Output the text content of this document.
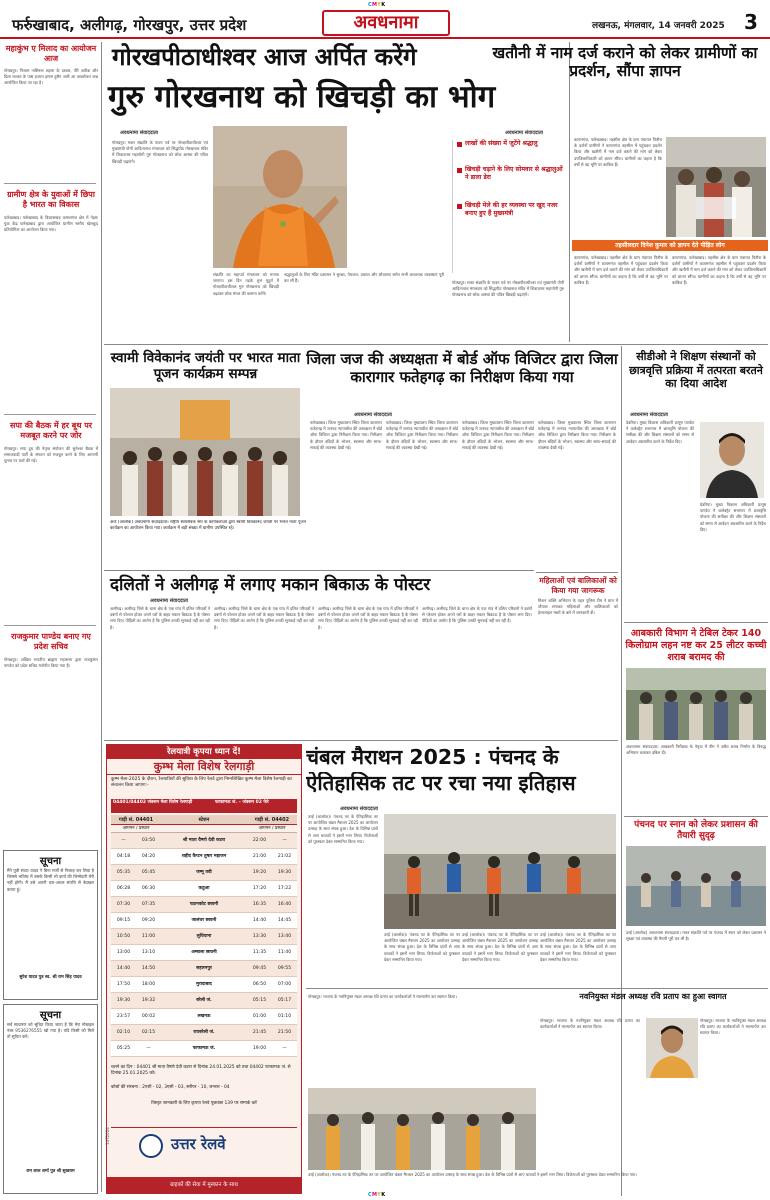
CMYK
फर्रुखाबाद, अलीगढ़, गोरखपुर, उत्तर प्रदेश	अवधनामा	लखनऊ, मंगलवार, 14 जनवरी 2025 3
महाकुंभ ए मिलाद का आयोजन आज
गोरखपुर। निजाम नासिरुल शहला के दरबार, पीरे अतीक और दिला लश्कर के पास हजरत इमाम हुसैन अली आ अवलोकन जश्न आयोजित किया जा रहा है।
ग्रामीण क्षेत्र के युवाओं में छिपा है भारत का विकास
फर्रुखाबाद। फर्रुखाबाद के विकासखंड कमालगंज क्षेत्र में नेहरू युवा केंद्र फर्रुखाबाद द्वारा आयोजित ग्रामीण स्तरीय खेलकूद प्रतियोगिता का आयोजन किया गया।
सपा की बैठक में हर बूथ पर मजबूत करने पर जोर
गोरखपुर। सपा दूथ की नेतृत्व संयोजन की सुनेश्वर बैठक में समाजवादी पार्टी के संगठन को मजबूत करने के लिए आगामी चुनाव पर चर्चा की गई।
राजकुमार पाण्डेय बनाए गए प्रदेश सचिव
गोरखपुर। अखिल भारतीय ब्राह्मण महासभा द्वारा राजकुमार पाण्डेय को प्रदेश सचिव मनोनीत किया गया है।
सूचना
मैंने पुत्री संध्या यादव ने बिना मर्जी से निकाह कर लिया है जिससे भविष्य में उसके किसी भी कार्य की जिम्मेदारी मेरी नहीं होगी। मैं उसे अपनी चल-अचल संपत्ति से बेदखल करता हूं।
सुरेश यादव पुत्र स्व. श्री राम सिंह यादव
सूचना
सर्व साधारण को सूचित किया जाता है कि मेरा मोबाइल नंबर 9536276555 खो गया है। यदि किसी को मिले तो सूचित करें।
राम लाल शर्मा पुत्र श्री सुखराम
गोरखपीठाधीश्वर आज अर्पित करेंगे
गुरु गोरखनाथ को खिचड़ी का भोग
अवधनामा संवाददाता
लाखों की संख्या में जुटेंगे श्रद्धालु
खिचड़ी चढ़ाने के लिए सोमवार से श्रद्धालुओं ने डाला डेरा
खिचड़ी मेले की हर व्यवस्था पर खुद नजर बनाए हुए हैं मुख्यमंत्री
गोरखपुर। मकर संक्रांति के पावन पर्व पर गोरक्षपीठाधीश्वर एवं मुख्यमंत्री योगी आदित्यनाथ मंगलवार को सिद्धपीठ गोरखनाथ मंदिर में शिवावतार महायोगी गुरु गोरखनाथ को लोक आस्था की पवित्र खिचड़ी चढ़ाएंगे।
संक्रांति का महापर्व मंगलवार को मनाया जाएगा। इस दिन तड़के शुभ मुहूर्त में गोरक्षपीठाधीश्वर गुरु गोरखनाथ को खिचड़ी चढ़ाकर लोक मंगल की कामना करेंगे।
श्रद्धालुओं के लिए मंदिर प्रशासन ने सुरक्षा, पेयजल, प्रकाश और शौचालय समेत सभी आवश्यक व्यवस्थाएं पूरी कर ली हैं।	गोरखपुर। मकर संक्रांति के पावन पर्व पर गोरक्षपीठाधीश्वर एवं मुख्यमंत्री योगी आदित्यनाथ मंगलवार को सिद्धपीठ गोरखनाथ मंदिर में शिवावतार महायोगी गुरु गोरखनाथ को लोक आस्था की पवित्र खिचड़ी चढ़ाएंगे।
खतौनी में नाम दर्ज कराने को लेकर ग्रामीणों का प्रदर्शन, सौंपा ज्ञापन
अवधनामा संवाददाता
कायमगंज, फर्रुखाबाद। तहसील क्षेत्र के ग्राम पंचायत पितौरा के दर्जनों ग्रामीणों ने कायमगंज तहसील में पहुंचकर प्रदर्शन किया और खतौनी में नाम दर्ज कराने की मांग को लेकर उपजिलाधिकारी को ज्ञापन सौंपा। ग्रामीणों का कहना है कि वर्षों से वह भूमि पर काबिज हैं।
तहसीलदार दिनेश कुमार को ज्ञापन देते पीड़ित लोग
कायमगंज, फर्रुखाबाद। तहसील क्षेत्र के ग्राम पंचायत पितौरा के दर्जनों ग्रामीणों ने कायमगंज तहसील में पहुंचकर प्रदर्शन किया और खतौनी में नाम दर्ज कराने की मांग को लेकर उपजिलाधिकारी को ज्ञापन सौंपा। ग्रामीणों का कहना है कि वर्षों से वह भूमि पर काबिज हैं।
कायमगंज, फर्रुखाबाद। तहसील क्षेत्र के ग्राम पंचायत पितौरा के दर्जनों ग्रामीणों ने कायमगंज तहसील में पहुंचकर प्रदर्शन किया और खतौनी में नाम दर्ज कराने की मांग को लेकर उपजिलाधिकारी को ज्ञापन सौंपा। ग्रामीणों का कहना है कि वर्षों से वह भूमि पर काबिज हैं।
स्वामी विवेकानंद जयंती पर भारत माता पूजन कार्यक्रम सम्पन्न
अर्ज (आलोक) अवधनामा संवाददाता। राष्ट्रीय स्वयंसेवक संघ के कार्यकर्ताओं द्वारा स्वामी विवेकानंद जयंती पर भारत माता पूजन कार्यक्रम का आयोजन किया गया। कार्यक्रम में बड़ी संख्या में ग्रामीण उपस्थित रहे।
जिला जज की अध्यक्षता में बोर्ड ऑफ विजिटर द्वारा जिला कारागार फतेहगढ़ का निरीक्षण किया गया
अवधनामा संवाददाता
फर्रुखाबाद। जिला मुख्यालय स्थित जिला कारागार फतेहगढ़ में जनपद न्यायाधीश की अध्यक्षता में बोर्ड ऑफ विजिटर द्वारा निरीक्षण किया गया। निरीक्षण के दौरान बंदियों के भोजन, स्वास्थ्य और साफ-सफाई की व्यवस्था देखी गई।
फर्रुखाबाद। जिला मुख्यालय स्थित जिला कारागार फतेहगढ़ में जनपद न्यायाधीश की अध्यक्षता में बोर्ड ऑफ विजिटर द्वारा निरीक्षण किया गया। निरीक्षण के दौरान बंदियों के भोजन, स्वास्थ्य और साफ-सफाई की व्यवस्था देखी गई।
फर्रुखाबाद। जिला मुख्यालय स्थित जिला कारागार फतेहगढ़ में जनपद न्यायाधीश की अध्यक्षता में बोर्ड ऑफ विजिटर द्वारा निरीक्षण किया गया। निरीक्षण के दौरान बंदियों के भोजन, स्वास्थ्य और साफ-सफाई की व्यवस्था देखी गई।
फर्रुखाबाद। जिला मुख्यालय स्थित जिला कारागार फतेहगढ़ में जनपद न्यायाधीश की अध्यक्षता में बोर्ड ऑफ विजिटर द्वारा निरीक्षण किया गया। निरीक्षण के दौरान बंदियों के भोजन, स्वास्थ्य और साफ-सफाई की व्यवस्था देखी गई।
महिलाओं एवं बालिकाओं को किया गया जागरूक
मिशन शक्ति अभियान के तहत पुलिस टीम ने ग्राम में चौपाल लगाकर महिलाओं और बालिकाओं को हेल्पलाइन नंबरों के बारे में जानकारी दी।
सीडीओ ने शिक्षण संस्थानों को छात्रवृत्ति प्रक्रिया में तत्परता बरतने का दिया आदेश
अवधनामा संवाददाता
देवरिया। मुख्य विकास अधिकारी प्रत्यूष पाण्डेय ने कलेक्ट्रेट सभागार में छात्रवृत्ति योजना की समीक्षा की और शिक्षण संस्थानों को समय से आवेदन अग्रसारित करने के निर्देश दिए।
देवरिया। मुख्य विकास अधिकारी प्रत्यूष पाण्डेय ने कलेक्ट्रेट सभागार में छात्रवृत्ति योजना की समीक्षा की और शिक्षण संस्थानों को समय से आवेदन अग्रसारित करने के निर्देश दिए।
आबकारी विभाग ने टेबिल टेकर 140 किलोग्राम लहन नष्ट कर 25 लीटर कच्ची शराब बरामद की
अवधनामा संवाददाता। आबकारी निरीक्षक के नेतृत्व में टीम ने अवैध शराब निर्माण के विरुद्ध अभियान चलाकर दबिश दी।
दलितों ने अलीगढ़ में लगाए मकान बिकाऊ के पोस्टर
अवधनामा संवाददाता
अलीगढ़। अलीगढ़ जिले के थाना क्षेत्र के एक गांव में दलित परिवारों ने दबंगों से परेशान होकर अपने घरों के बाहर मकान बिकाऊ है के पोस्टर लगा दिए। पीड़ितों का आरोप है कि पुलिस उनकी सुनवाई नहीं कर रही है।
अलीगढ़। अलीगढ़ जिले के थाना क्षेत्र के एक गांव में दलित परिवारों ने दबंगों से परेशान होकर अपने घरों के बाहर मकान बिकाऊ है के पोस्टर लगा दिए। पीड़ितों का आरोप है कि पुलिस उनकी सुनवाई नहीं कर रही है।
अलीगढ़। अलीगढ़ जिले के थाना क्षेत्र के एक गांव में दलित परिवारों ने दबंगों से परेशान होकर अपने घरों के बाहर मकान बिकाऊ है के पोस्टर लगा दिए। पीड़ितों का आरोप है कि पुलिस उनकी सुनवाई नहीं कर रही है।
अलीगढ़। अलीगढ़ जिले के थाना क्षेत्र के एक गांव में दलित परिवारों ने दबंगों से परेशान होकर अपने घरों के बाहर मकान बिकाऊ है के पोस्टर लगा दिए। पीड़ितों का आरोप है कि पुलिस उनकी सुनवाई नहीं कर रही है।
रेलयात्री कृपया ध्यान दें!
कुम्भ मेला विशेष रेलगाड़ी
कुम्भ मेला-2025 के दौरान, रेलयात्रियों की सुविधा के लिए रेलवे द्वारा निम्नलिखित कुम्भ मेला विशेष रेलगाड़ी का संचालन किया जाएगा:-
04401/04402 जंक्शन मेला विशेष रेलगाड़ी	फाफामऊ जं. – जंक्शन 02 फेरे
गाड़ी सं. 04401	स्टेशन	गाड़ी सं. 04402
आगमन / प्रस्थान	आगमन / प्रस्थान
—	03:50	श्री माता वैष्णो देवी कटरा	22:00	—
04:18	04:20	शहीद कैप्टन तुषार महाजन	21:00	21:02
05:35	05:45	जम्मू तवी	19:20	19:30
06:28	06:30	कठुआ	17:20	17:22
07:30	07:35	पठानकोट छावनी	16:35	16:40
09:15	09:20	जालंधर छावनी	14:40	14:45
10:50	11:00	लुधियाना	13:30	13:40
13:00	13:10	अम्बाला छावनी	11:35	11:40
14:40	14:50	सहारनपुर	09:45	09:55
17:50	18:00	मुरादाबाद	06:50	07:00
19:30	19:32	बरेली जं.	05:15	05:17
23:57	00:02	लखनऊ	01:00	01:10
02:10	02:15	रायबरेली जं.	21:45	21:50
05:25	—	फाफामऊ जं.	19:00	—
चलने का दिन : 04401 श्री माता वैष्णो देवी कटरा से दिनांक 24.01.2025 को तथा 04402 फाफामऊ जं. से दिनांक 25.01.2025 को।
कोचों की संरचना : 2एसी - 02, 3एसी - 03, स्लीपर - 10, जनरल - 04
विस्तृत जानकारी के लिए कृपया रेलवे पूछताछ 139 पर सम्पर्क करें
उत्तर रेलवे
ग्राहकों की सेवा में मुस्कान के साथ
1472024
चंबल मैराथन 2025 : पंचनद के
ऐतिहासिक तट पर रचा नया इतिहास
अवधनामा संवाददाता
उरई (आलोक)। पंचनद तट के ऐतिहासिक तट पर आयोजित चंबल मैराथन 2025 का आयोजन उत्साह के साथ संपन्न हुआ। देश के विभिन्न प्रांतों से आए धावकों ने इसमें भाग लिया। विजेताओं को पुरस्कार देकर सम्मानित किया गया।
उरई (आलोक)। पंचनद तट के ऐतिहासिक तट पर आयोजित चंबल मैराथन 2025 का आयोजन उत्साह के साथ संपन्न हुआ। देश के विभिन्न प्रांतों से आए धावकों ने इसमें भाग लिया। विजेताओं को पुरस्कार देकर सम्मानित किया गया।
उरई (आलोक)। पंचनद तट के ऐतिहासिक तट पर आयोजित चंबल मैराथन 2025 का आयोजन उत्साह के साथ संपन्न हुआ। देश के विभिन्न प्रांतों से आए धावकों ने इसमें भाग लिया। विजेताओं को पुरस्कार देकर सम्मानित किया गया।
उरई (आलोक)। पंचनद तट के ऐतिहासिक तट पर आयोजित चंबल मैराथन 2025 का आयोजन उत्साह के साथ संपन्न हुआ। देश के विभिन्न प्रांतों से आए धावकों ने इसमें भाग लिया। विजेताओं को पुरस्कार देकर सम्मानित किया गया।
पंचनद पर स्नान को लेकर प्रशासन की तैयारी सुदृढ़
उरई (आलोक) अवधनामा संवाददाता। मकर संक्रांति पर्व पर पंचनद में स्नान को लेकर प्रशासन ने सुरक्षा एवं व्यवस्था की तैयारी पूरी कर ली है।
नवनियुक्त मंडल अध्यक्ष रवि प्रताप का हुआ स्वागत
गोरखपुर। भाजपा के नवनियुक्त मंडल अध्यक्ष रवि प्रताप का कार्यकर्ताओं ने माल्यार्पण कर स्वागत किया।
गोरखपुर। भाजपा के नवनियुक्त मंडल अध्यक्ष रवि प्रताप का कार्यकर्ताओं ने माल्यार्पण कर स्वागत किया।
गोरखपुर। भाजपा के नवनियुक्त मंडल अध्यक्ष रवि प्रताप का कार्यकर्ताओं ने माल्यार्पण कर स्वागत किया।
उरई (आलोक)। पंचनद तट के ऐतिहासिक तट पर आयोजित चंबल मैराथन 2025 का आयोजन उत्साह के साथ संपन्न हुआ। देश के विभिन्न प्रांतों से आए धावकों ने इसमें भाग लिया। विजेताओं को पुरस्कार देकर सम्मानित किया गया।
CMYK
